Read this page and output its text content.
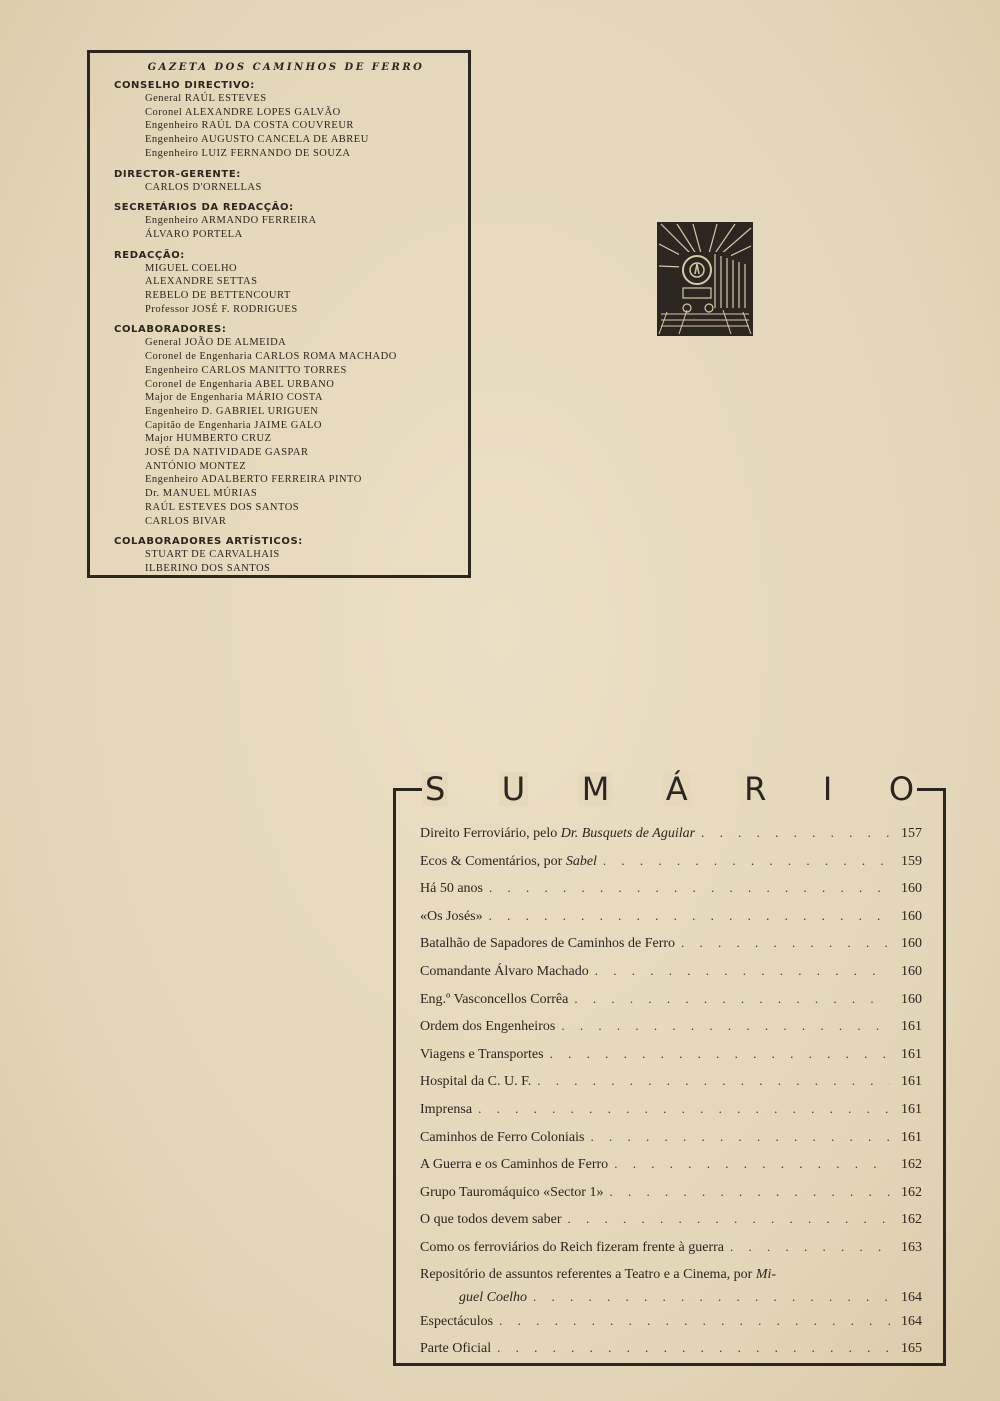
GAZETA DOS CAMINHOS DE FERRO
CONSELHO DIRECTIVO:
General RAÚL ESTEVES
Coronel ALEXANDRE LOPES GALVÃO
Engenheiro RAÚL DA COSTA COUVREUR
Engenheiro AUGUSTO CANCELA DE ABREU
Engenheiro LUIZ FERNANDO DE SOUZA
DIRECTOR-GERENTE:
CARLOS D'ORNELLAS
SECRETÁRIOS DA REDACÇÃO:
Engenheiro ARMANDO FERREIRA
ÁLVARO PORTELA
REDACÇÃO:
MIGUEL COELHO
ALEXANDRE SETTAS
REBELO DE BETTENCOURT
Professor JOSÉ F. RODRIGUES
COLABORADORES:
General JOÃO DE ALMEIDA
Coronel de Engenharia CARLOS ROMA MACHADO
Engenheiro CARLOS MANITTO TORRES
Coronel de Engenharia ABEL URBANO
Major de Engenharia MÁRIO COSTA
Engenheiro D. GABRIEL URIGUEN
Capitão de Engenharia JAIME GALO
Major HUMBERTO CRUZ
JOSÉ DA NATIVIDADE GASPAR
ANTÓNIO MONTEZ
Engenheiro ADALBERTO FERREIRA PINTO
Dr. MANUEL MÚRIAS
RAÚL ESTEVES DOS SANTOS
CARLOS BIVAR
COLABORADORES ARTÍSTICOS:
STUART DE CARVALHAIS
ILBERINO DOS SANTOS
S U M Á R I O
Direito Ferroviário, pelo Dr. Busquets de Aguilar . . .	157
Ecos & Comentários, por Sabel . . .	159
Há 50 anos . . .	160
«Os Josés» . . .	160
Batalhão de Sapadores de Caminhos de Ferro . . .	160
Comandante Álvaro Machado . . .	160
Eng.º Vasconcellos Corrêa . . .	160
Ordem dos Engenheiros . . .	161
Viagens e Transportes . . .	161
Hospital da C. U. F. . . .	161
Imprensa . . .	161
Caminhos de Ferro Coloniais . . .	161
A Guerra e os Caminhos de Ferro . . .	162
Grupo Tauromáquico «Sector 1» . . .	162
O que todos devem saber . . .	162
Como os ferroviários do Reich fizeram frente à guerra . . .	163
Repositório de assuntos referentes a Teatro e a Cinema, por Mi-
guel Coelho . . .	164
Espectáculos . . .	164
Parte Oficial . . .	165
